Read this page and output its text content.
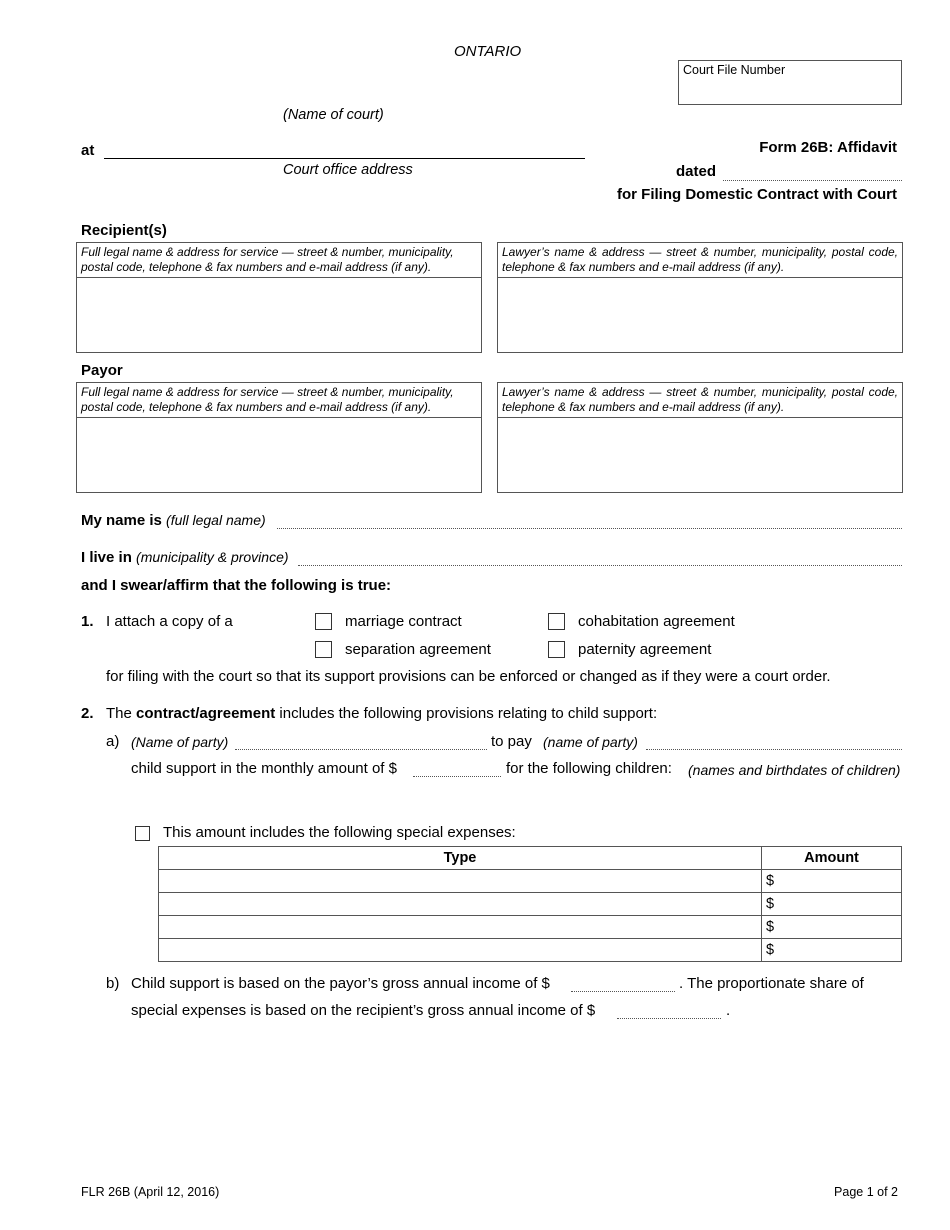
ONTARIO
Court File Number
(Name of court)
at
Court office address
Form 26B: Affidavit
dated
for Filing Domestic Contract with Court
Recipient(s)
Full legal name & address for service — street & number, municipality, postal code, telephone & fax numbers and e-mail address (if any).
Lawyer’s name & address — street & number, municipality, postal code, telephone & fax numbers and e-mail address (if any).
Payor
Full legal name & address for service — street & number, municipality, postal code, telephone & fax numbers and e-mail address (if any).
Lawyer’s name & address — street & number, municipality, postal code, telephone & fax numbers and e-mail address (if any).
My name is (full legal name)
I live in (municipality & province)
and I swear/affirm that the following is true:
1. I attach a copy of a	marriage contract	cohabitation agreement
separation agreement	paternity agreement
for filing with the court so that its support provisions can be enforced or changed as if they were a court order.
2. The contract/agreement includes the following provisions relating to child support:
a) (Name of party)	to pay (name of party)
child support in the monthly amount of $	for the following children: (names and birthdates of children)
This amount includes the following special expenses:
Type	Amount
	$
	$
	$
	$
b) Child support is based on the payor’s gross annual income of $	. The proportionate share of
special expenses is based on the recipient’s gross annual income of $	.
FLR 26B (April 12, 2016)	Page 1 of 2
